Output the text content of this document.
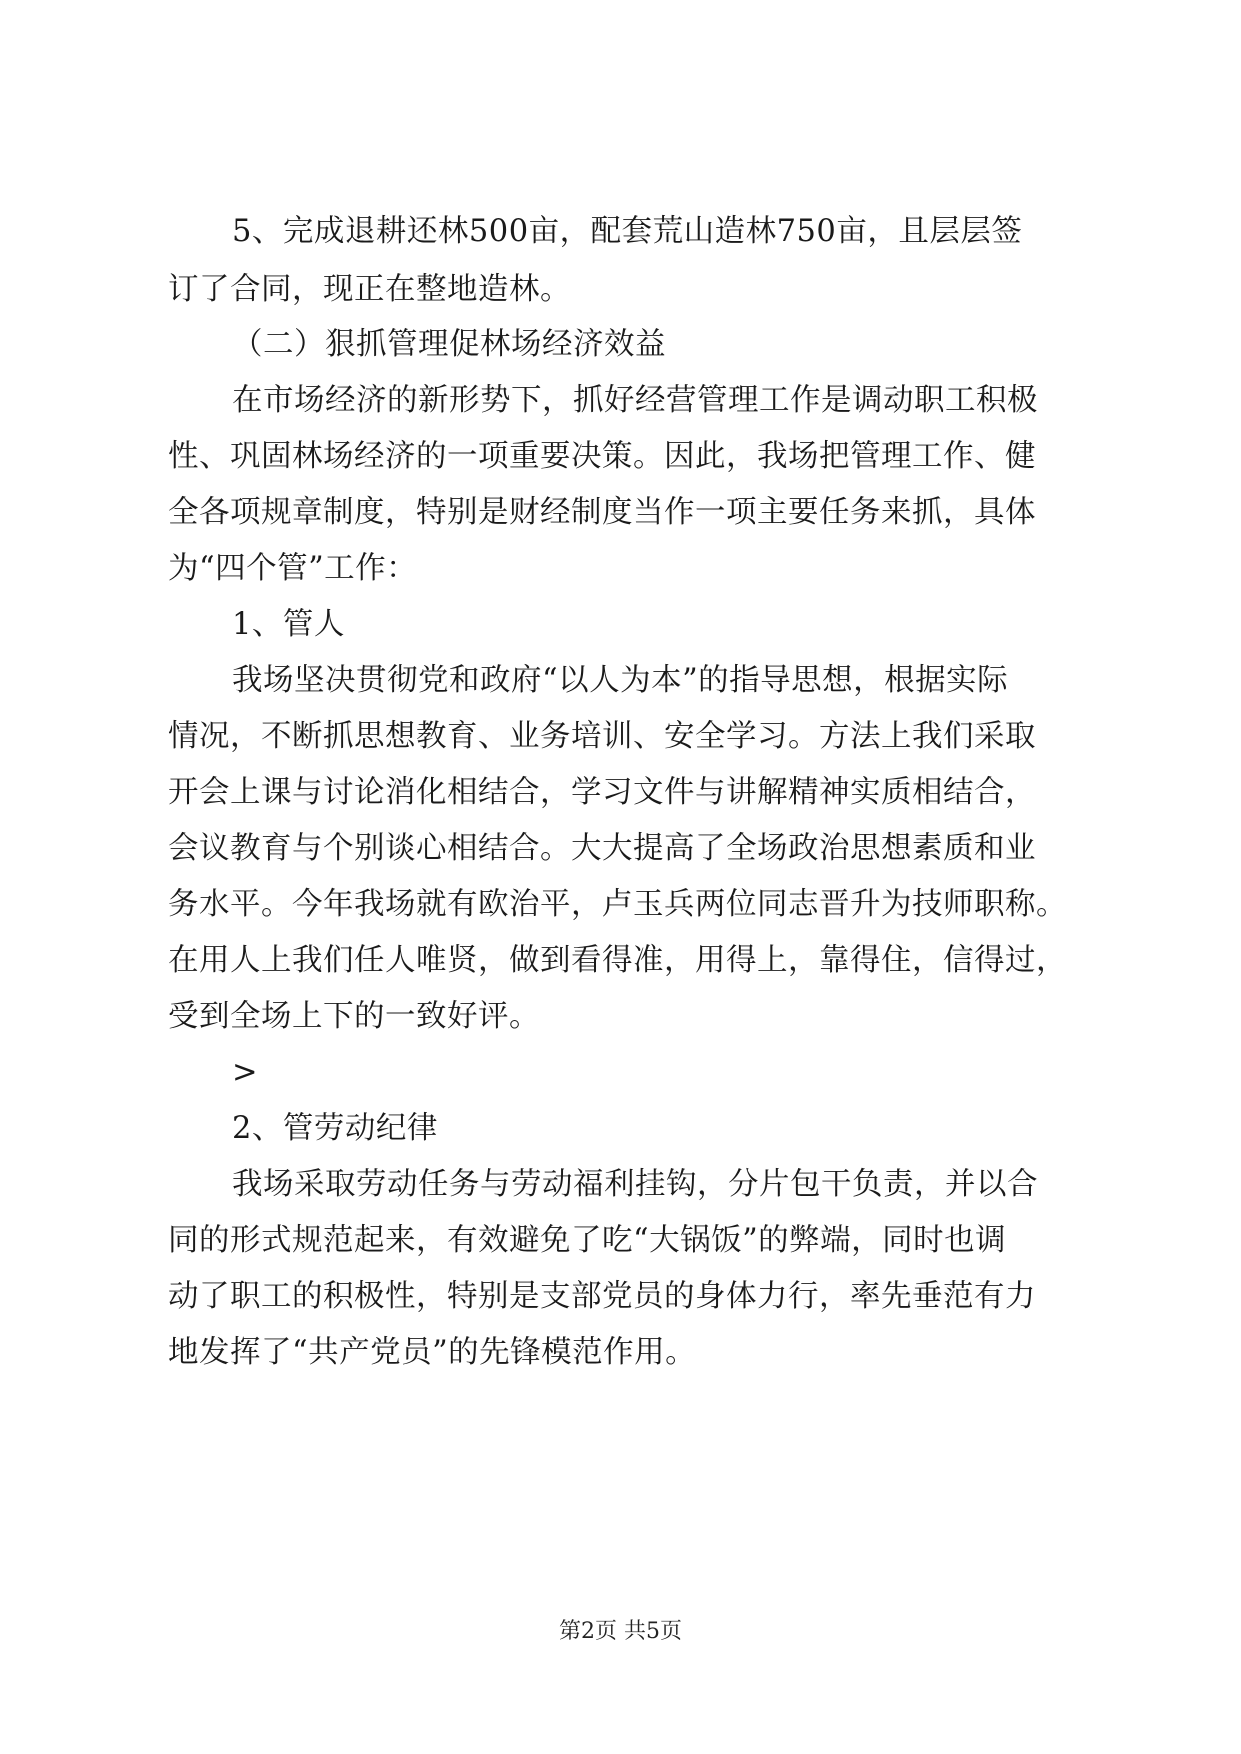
5、完成退耕还林500亩，配套荒山造林750亩，且层层签
订了合同，现正在整地造林。
（二）狠抓管理促林场经济效益
在市场经济的新形势下，抓好经营管理工作是调动职工积极
性、巩固林场经济的一项重要决策。因此，我场把管理工作、健
全各项规章制度，特别是财经制度当作一项主要任务来抓，具体
为“四个管”工作：
1、管人
我场坚决贯彻党和政府“以人为本”的指导思想，根据实际
情况，不断抓思想教育、业务培训、安全学习。方法上我们采取
开会上课与讨论消化相结合，学习文件与讲解精神实质相结合，
会议教育与个别谈心相结合。大大提高了全场政治思想素质和业
务水平。今年我场就有欧治平，卢玉兵两位同志晋升为技师职称。
在用人上我们任人唯贤，做到看得准，用得上，靠得住，信得过，
受到全场上下的一致好评。
>
2、管劳动纪律
我场采取劳动任务与劳动福利挂钩，分片包干负责，并以合
同的形式规范起来，有效避免了吃“大锅饭”的弊端，同时也调
动了职工的积极性，特别是支部党员的身体力行，率先垂范有力
地发挥了“共产党员”的先锋模范作用。
第2页 共5页
